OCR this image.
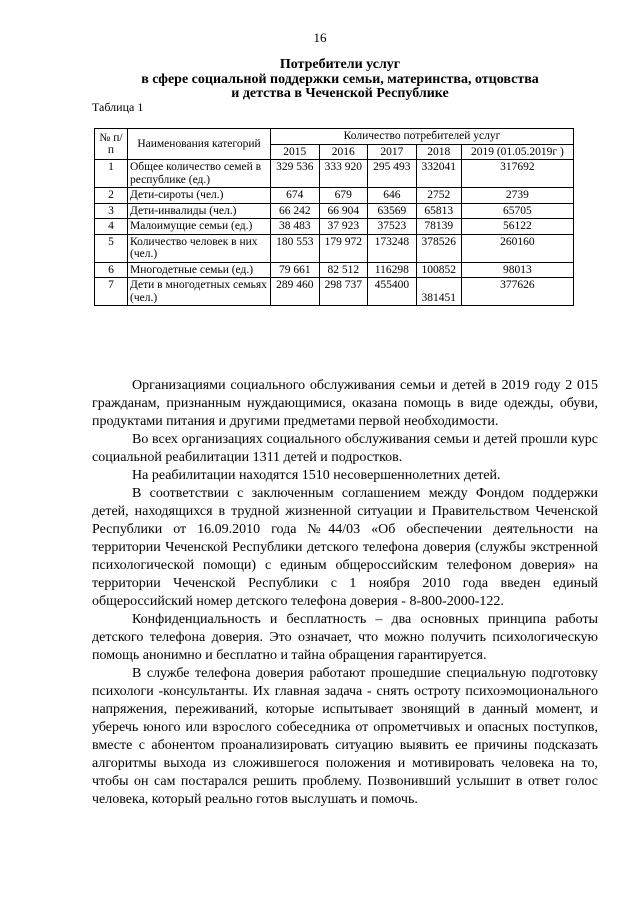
16
Потребители услуг
в сфере социальной поддержки семьи, материнства, отцовства
и детства в Чеченской Республике
Таблица 1
№ п/п	Наименования категорий	Количество потребителей услуг				
		2015	2016	2017	2018	2019 (01.05.2019г )
1	Общее количество семей в республике (ед.)	329 536	333 920	295 493	332041	317692
2	Дети-сироты (чел.)	674	679	646	2752	2739
3	Дети-инвалиды (чел.)	66 242	66 904	63569	65813	65705
4	Малоимущие семьи (ед.)	38 483	37 923	37523	78139	56122
5	Количество человек в них (чел.)	180 553	179 972	173248	378526	260160
6	Многодетные семьи (ед.)	79 661	82 512	116298	100852	98013
7	Дети в многодетных семьях (чел.)	289 460	298 737	455400	381451	377626

Организациями социального обслуживания семьи и детей в 2019 году 2 015 гражданам, признанным нуждающимися, оказана помощь в виде одежды, обуви, продуктами питания и другими предметами первой необходимости.

Во всех организациях социального обслуживания семьи и детей прошли курс социальной реабилитации 1311 детей и подростков.

На реабилитации находятся 1510 несовершеннолетних детей.

В соответствии с заключенным соглашением между Фондом поддержки детей, находящихся в трудной жизненной ситуации и Правительством Чеченской Республики от 16.09.2010 года №44/03 «Об обеспечении деятельности на территории Чеченской Республики детского телефона доверия (службы экстренной психологической помощи) с единым общероссийским телефоном доверия» на территории Чеченской Республики с 1 ноября 2010 года введен единый общероссийский номер детского телефона доверия - 8-800-2000-122.

Конфиденциальность и бесплатность – два основных принципа работы детского телефона доверия. Это означает, что можно получить психологическую помощь анонимно и бесплатно и тайна обращения гарантируется.

В службе телефона доверия работают прошедшие специальную подготовку психологи -консультанты. Их главная задача - снять остроту психоэмоционального напряжения, переживаний, которые испытывает звонящий в данный момент, и уберечь юного или взрослого собеседника от опрометчивых и опасных поступков, вместе с абонентом проанализировать ситуацию выявить ее причины подсказать алгоритмы выхода из сложившегося положения и мотивировать человека на то, чтобы он сам постарался решить проблему. Позвонивший услышит в ответ голос человека, который реально готов выслушать и помочь.
